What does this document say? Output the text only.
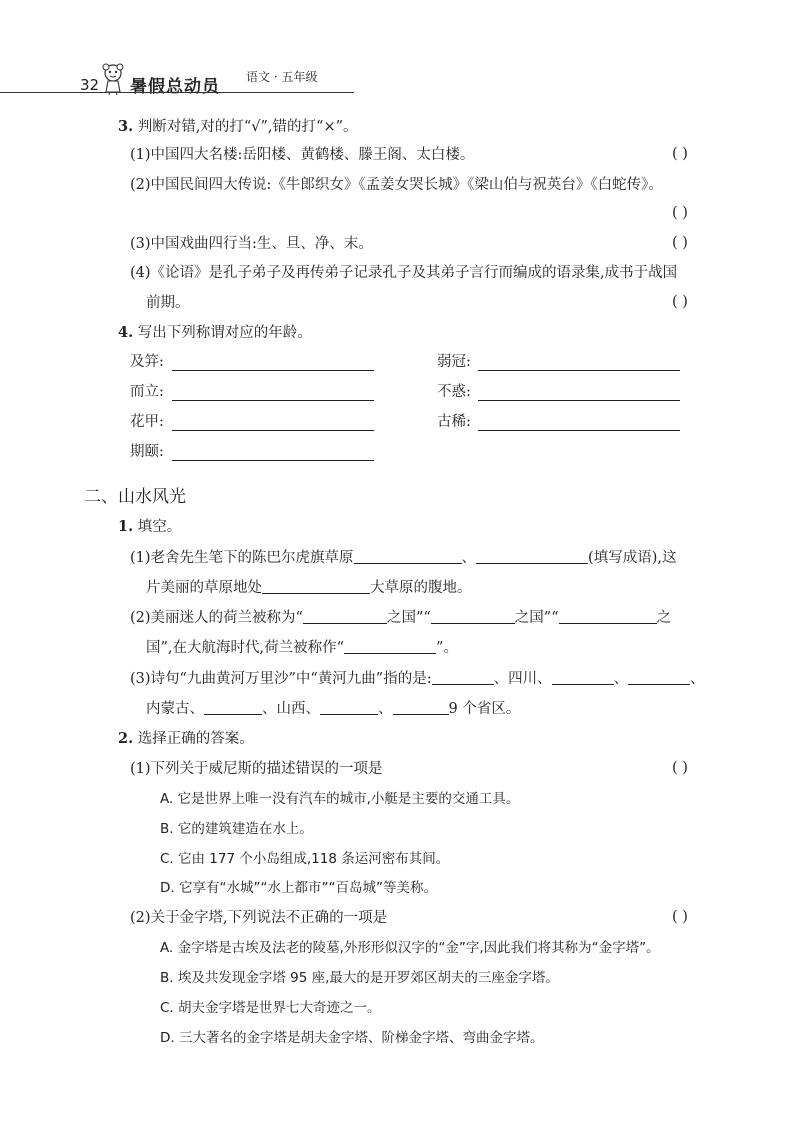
32 暑假总动员 语文 · 五年级
3. 判断对错,对的打“√”,错的打“×”。
(1)中国四大名楼:岳阳楼、黄鹤楼、滕王阁、太白楼。	( )
(2)中国民间四大传说:《牛郎织女》《孟姜女哭长城》《梁山伯与祝英台》《白蛇传》。
( )
(3)中国戏曲四行当:生、旦、净、末。	( )
(4)《论语》是孔子弟子及再传弟子记录孔子及其弟子言行而编成的语录集,成书于战国
前期。	( )
4. 写出下列称谓对应的年龄。
及笄:	弱冠:
而立:	不惑:
花甲:	古稀:
期颐:
二、山水风光
1. 填空。
(1)老舍先生笔下的陈巴尔虎旗草原	、	(填写成语),这
片美丽的草原地处	大草原的腹地。
(2)美丽迷人的荷兰被称为“	之国”“	之国”“	之
国”,在大航海时代,荷兰被称作“	”。
(3)诗句“九曲黄河万里沙”中“黄河九曲”指的是:	、四川、	、	、
内蒙古、	、山西、	、	9 个省区。
2. 选择正确的答案。
(1)下列关于威尼斯的描述错误的一项是	( )
A. 它是世界上唯一没有汽车的城市,小艇是主要的交通工具。
B. 它的建筑建造在水上。
C. 它由 177 个小岛组成,118 条运河密布其间。
D. 它享有“水城”“水上都市”“百岛城”等美称。
(2)关于金字塔,下列说法不正确的一项是	( )
A. 金字塔是古埃及法老的陵墓,外形形似汉字的“金”字,因此我们将其称为“金字塔”。
B. 埃及共发现金字塔 95 座,最大的是开罗郊区胡夫的三座金字塔。
C. 胡夫金字塔是世界七大奇迹之一。
D. 三大著名的金字塔是胡夫金字塔、阶梯金字塔、弯曲金字塔。
